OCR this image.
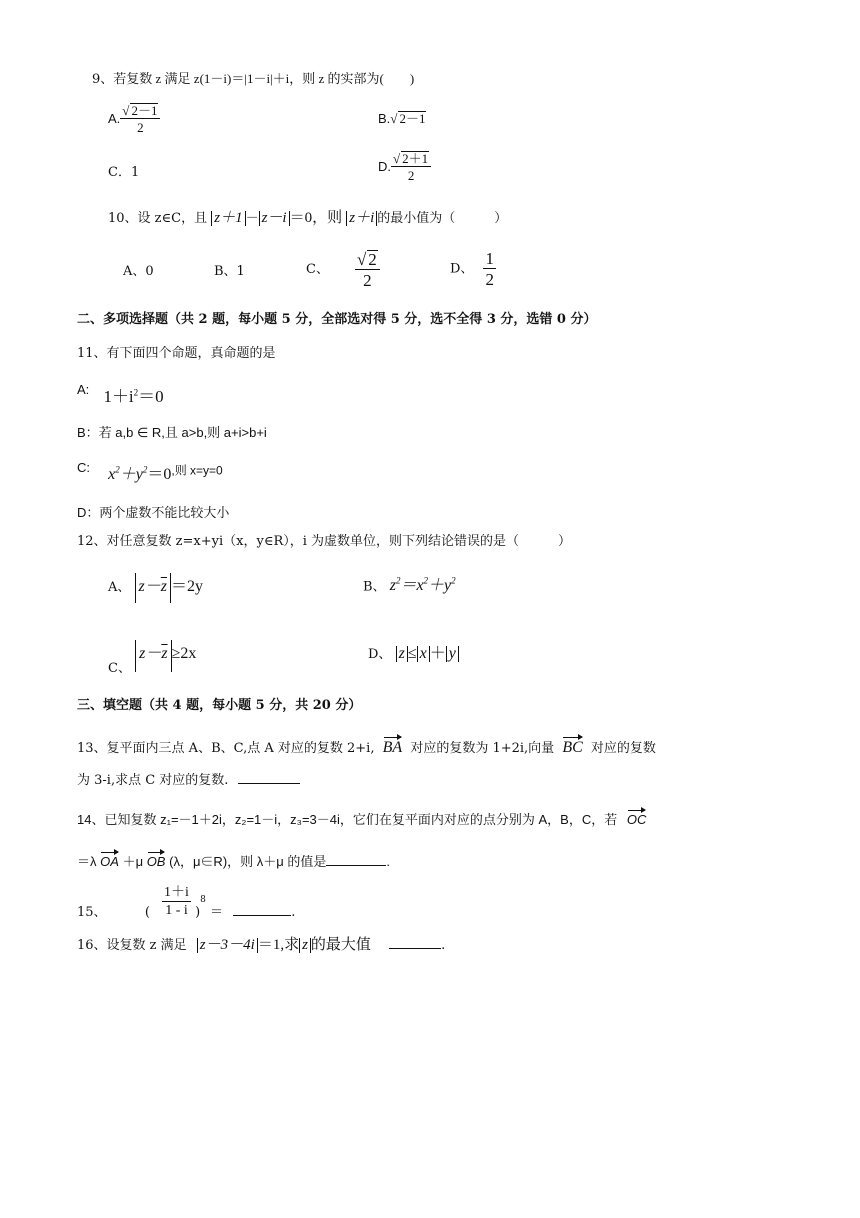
9、若复数 z 满足 z(1－i)＝|1－i|＋i，则 z 的实部为(　　)
A. $\frac{√ 2-1}{2}$	B.√ 2－1
C．1	D. $\frac{√ 2+1}{2}$
10、设 z∈C，且 z＋1 － z－i ＝0，则 z＋i 的最小值为（　　　）
A、0	B、1	C、 $\frac{√ 2}{2}$	D、 $\frac{1}{2}$
二、多项选择题（共 2 题，每小题 5 分，全部选对得 5 分，选不全得 3 分，选错 0 分）
11、有下面四个命题，真命题的是
A: $1+i^2=0$
B：若 a,b ∈ R,且 a>b,则 a+i>b+i
C: $x^2+y^2=0$,则 x=y=0
D：两个虚数不能比较大小
12、对任意复数 z=x+yi（x，y∈R），i 为虚数单位，则下列结论错误的是（　　　）
A、 $z-\overline{z} =2y$	B、 $z^2=x^2+y^2$
C、 $z-\overline{z} \ge 2x$	D、 z ≤ x ＋ y
三、填空题（共 4 题，每小题 5 分，共 20 分）
13、复平面内三点 A、B、C,点 A 对应的复数 2+i, BA 对应的复数为 1+2i,向量 BC 对应的复数
为 3-i,求点 C 对应的复数.
14、已知复数 z₁=－1＋2i，z₂=1－i，z₃=3－4i，它们在复平面内对应的点分别为 A，B，C，若 OC
＝λ OA ＋μ OB (λ，μ∈R)，则 λ＋μ 的值是	.
15、	( $\frac{1+i}{1 - i} )^8$ ＝	.
16、设复数 z 满足 z－3－4i ＝1,求 z 的最大值	.
